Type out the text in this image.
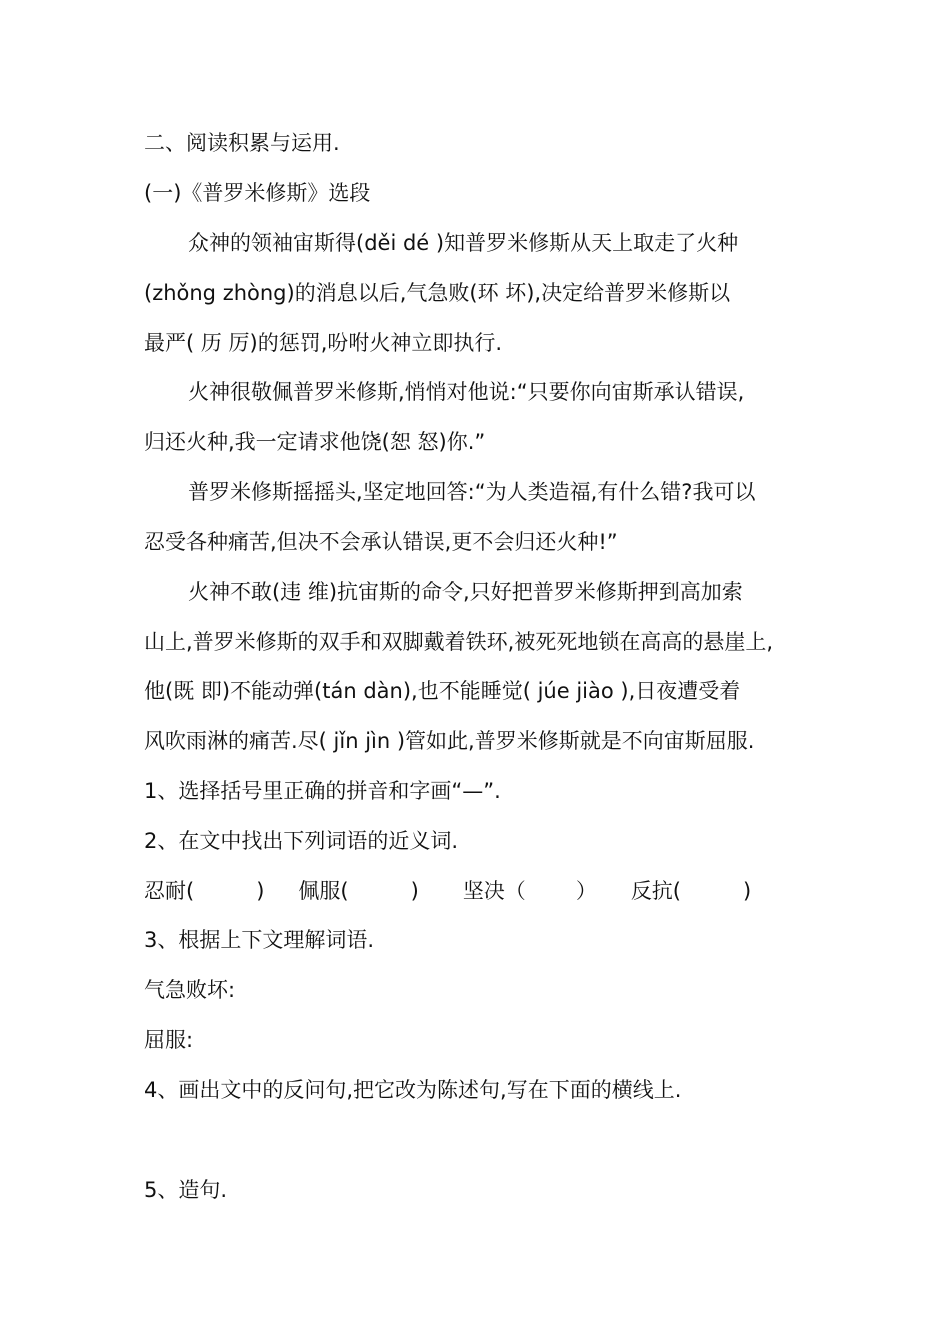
二、阅读积累与运用.
(一)《普罗米修斯》选段
众神的领袖宙斯得(děi dé )知普罗米修斯从天上取走了火种
(zhǒng zhòng)的消息以后,气急败(环 坏),决定给普罗米修斯以
最严( 历 厉)的惩罚,吩咐火神立即执行.
火神很敬佩普罗米修斯,悄悄对他说:“只要你向宙斯承认错误,
归还火种,我一定请求他饶(恕 怒)你.”
普罗米修斯摇摇头,坚定地回答:“为人类造福,有什么错?我可以
忍受各种痛苦,但决不会承认错误,更不会归还火种!”
火神不敢(违 维)抗宙斯的命令,只好把普罗米修斯押到高加索
山上,普罗米修斯的双手和双脚戴着铁环,被死死地锁在高高的悬崖上,
他(既 即)不能动弹(tán dàn),也不能睡觉( júe jiào ),日夜遭受着
风吹雨淋的痛苦.尽( jǐn jìn )管如此,普罗米修斯就是不向宙斯屈服.
1、选择括号里正确的拼音和字画“—”.
2、在文中找出下列词语的近义词.
忍耐(	) 佩服(	) 坚决（ ） 反抗(	)
3、根据上下文理解词语.
气急败坏:
屈服:
4、画出文中的反问句,把它改为陈述句,写在下面的横线上.
5、造句.
